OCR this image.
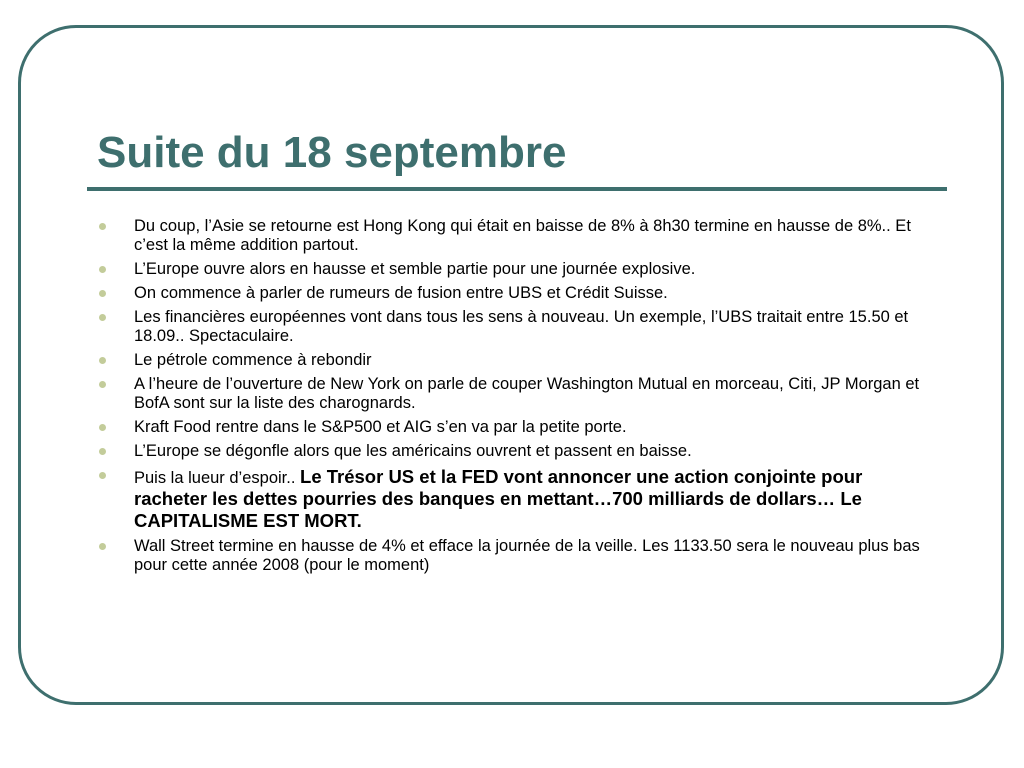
Suite du 18 septembre
Du coup, l’Asie se retourne est Hong Kong qui était en baisse de 8% à 8h30 termine en hausse de 8%.. Et c’est la même addition partout.
L’Europe ouvre alors en hausse et semble partie pour une journée explosive.
On commence à parler de rumeurs de fusion entre UBS et Crédit Suisse.
Les financières européennes vont dans tous les sens à nouveau. Un exemple, l’UBS traitait entre 15.50 et 18.09.. Spectaculaire.
Le pétrole commence à rebondir
A l’heure de l’ouverture de New York on parle de couper Washington Mutual en morceau, Citi, JP Morgan et BofA sont sur la liste des charognards.
Kraft Food rentre dans le S&P500 et AIG s’en va par la petite porte.
L’Europe se dégonfle alors que les américains ouvrent et passent en baisse.
Puis la lueur d’espoir.. Le Trésor US et la FED vont annoncer une action conjointe pour racheter les dettes pourries des banques en mettant…700 milliards de dollars… Le CAPITALISME EST MORT.
Wall Street termine en hausse de 4% et efface la journée de la veille. Les 1133.50 sera le nouveau plus bas pour cette année 2008 (pour le moment)
